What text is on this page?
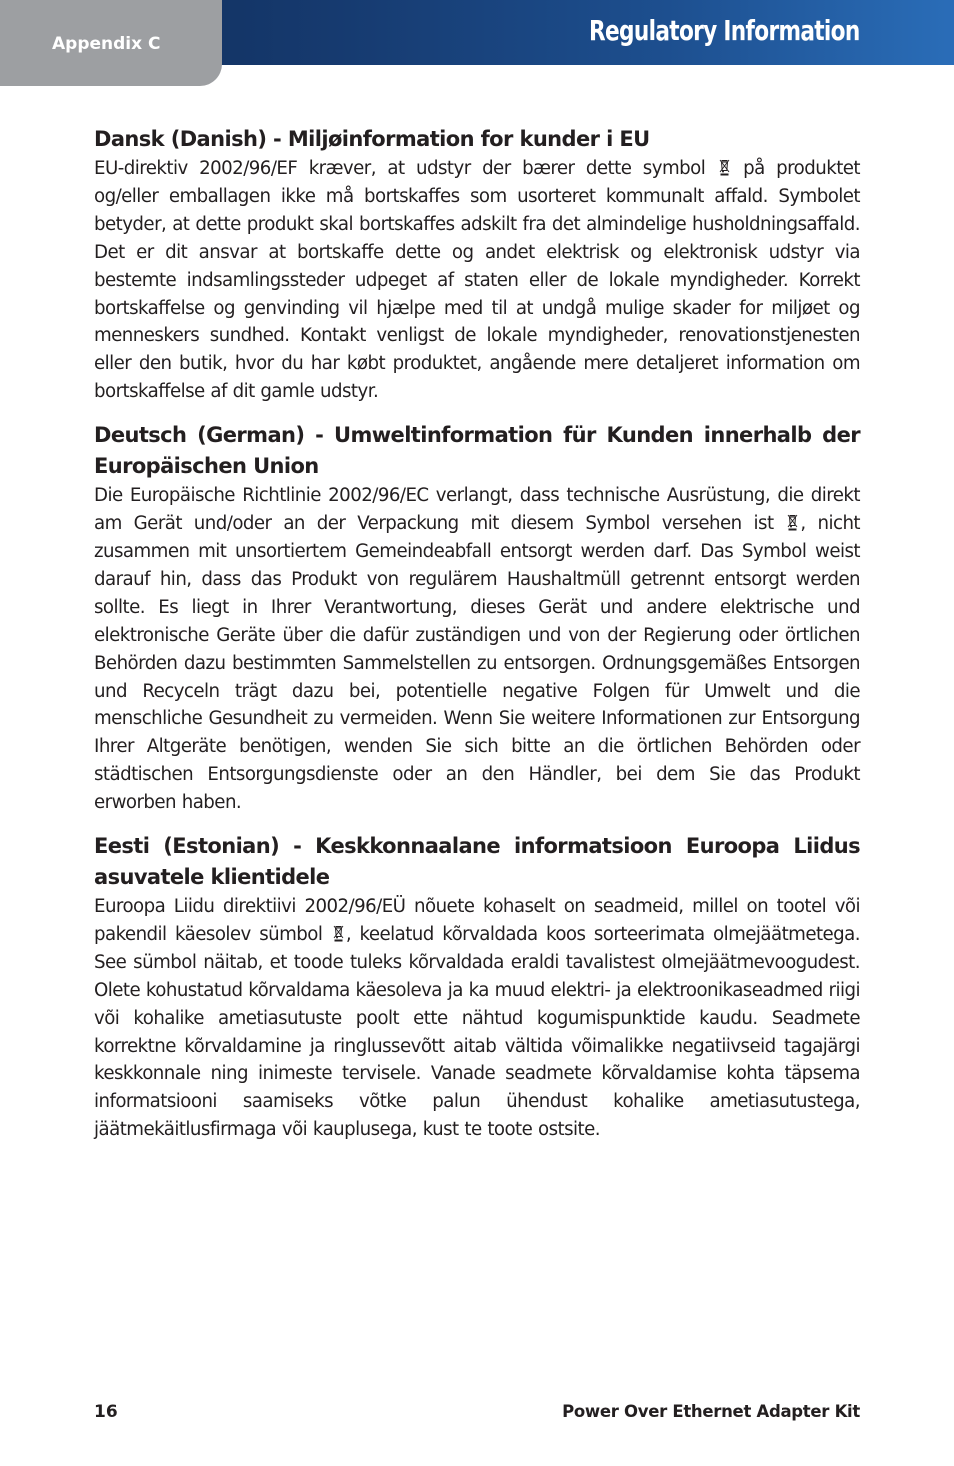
Regulatory Information
Appendix C
Dansk (Danish) - Miljøinformation for kunder i EU

EU-direktiv 2002/96/EF kræver, at udstyr der bærer dette symbol på produktet og/eller emballagen ikke må bortskaffes som usorteret kommunalt affald. Symbolet betyder, at dette produkt skal bortskaffes adskilt fra det almindelige husholdningsaffald. Det er dit ansvar at bortskaffe dette og andet elektrisk og elektronisk udstyr via bestemte indsamlingssteder udpeget af staten eller de lokale myndigheder. Korrekt bortskaffelse og genvinding vil hjælpe med til at undgå mulige skader for miljøet og menneskers sundhed. Kontakt venligst de lokale myndigheder, renovationstjenesten eller den butik, hvor du har købt produktet, angående mere detaljeret information om bortskaffelse af dit gamle udstyr.

Deutsch (German) - Umweltinformation für Kunden innerhalb der Europäischen Union

Die Europäische Richtlinie 2002/96/EC verlangt, dass technische Ausrüstung, die direkt am Gerät und/oder an der Verpackung mit diesem Symbol versehen ist , nicht zusammen mit unsortiertem Gemeindeabfall entsorgt werden darf. Das Symbol weist darauf hin, dass das Produkt von regulärem Haushaltmüll getrennt entsorgt werden sollte. Es liegt in Ihrer Verantwortung, dieses Gerät und andere elektrische und elektronische Geräte über die dafür zuständigen und von der Regierung oder örtlichen Behörden dazu bestimmten Sammelstellen zu entsorgen. Ordnungsgemäßes Entsorgen und Recyceln trägt dazu bei, potentielle negative Folgen für Umwelt und die menschliche Gesundheit zu vermeiden. Wenn Sie weitere Informationen zur Entsorgung Ihrer Altgeräte benötigen, wenden Sie sich bitte an die örtlichen Behörden oder städtischen Entsorgungsdienste oder an den Händler, bei dem Sie das Produkt erworben haben.

Eesti (Estonian) - Keskkonnaalane informatsioon Euroopa Liidus asuvatele klientidele

Euroopa Liidu direktiivi 2002/96/EÜ nõuete kohaselt on seadmeid, millel on tootel või pakendil käesolev sümbol , keelatud kõrvaldada koos sorteerimata olmejäätmetega. See sümbol näitab, et toode tuleks kõrvaldada eraldi tavalistest olmejäätmevoogudest. Olete kohustatud kõrvaldama käesoleva ja ka muud elektri- ja elektroonikaseadmed riigi või kohalike ametiasutuste poolt ette nähtud kogumispunktide kaudu. Seadmete korrektne kõrvaldamine ja ringlussevõtt aitab vältida võimalikke negatiivseid tagajärgi keskkonnale ning inimeste tervisele. Vanade seadmete kõrvaldamise kohta täpsema informatsiooni saamiseks võtke palun ühendust kohalike ametiasutustega, jäätmekäitlusfirmaga või kauplusega, kust te toote ostsite.

16	Power Over Ethernet Adapter Kit
